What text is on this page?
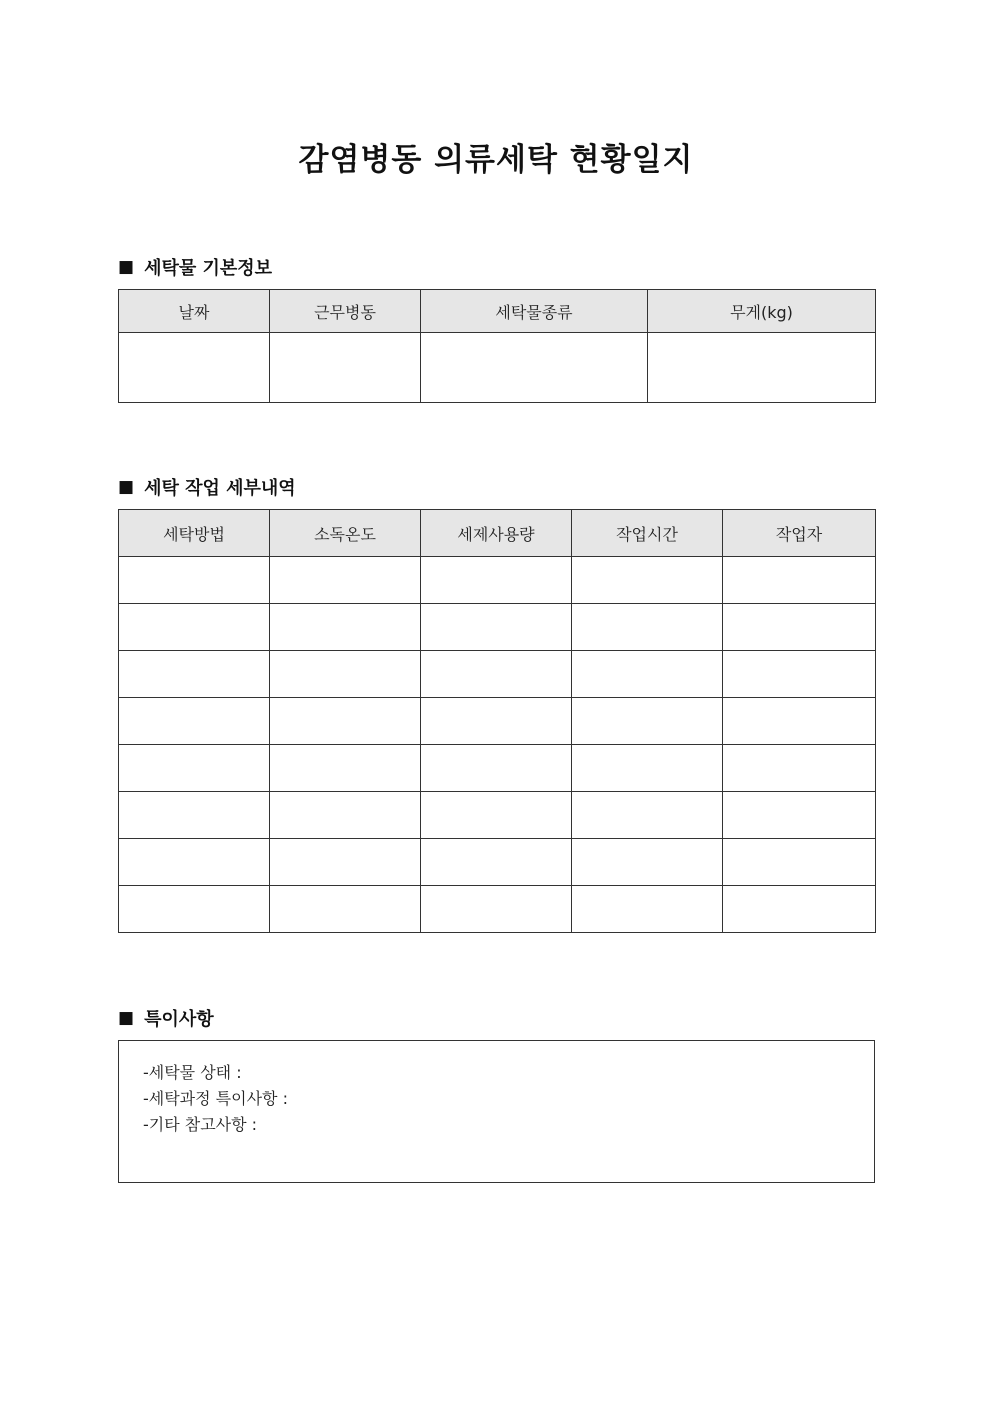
감염병동 의류세탁 현황일지
■ 세탁물 기본정보
날짜	근무병동	세탁물종류	무게(kg)

■ 세탁 작업 세부내역
세탁방법	소독온도	세제사용량	작업시간	작업자

■ 특이사항
-세탁물 상태 :
-세탁과정 특이사항 :
-기타 참고사항 :
